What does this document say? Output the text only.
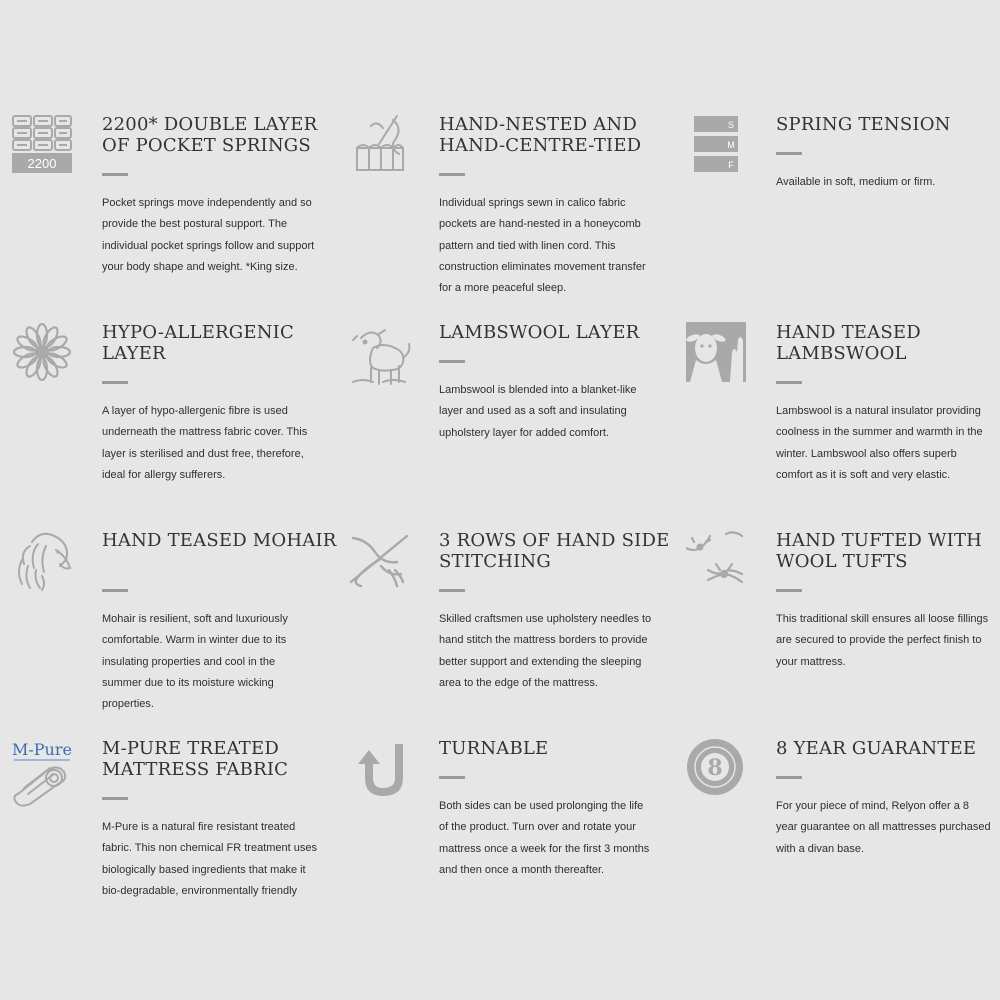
2200
2200* DOUBLE LAYER OF POCKET SPRINGS

Pocket springs move independently and so provide the best postural support. The individual pocket springs follow and support your body shape and weight. *King size.

HAND-NESTED AND HAND-CENTRE-TIED

Individual springs sewn in calico fabric pockets are hand-nested in a honeycomb pattern and tied with linen cord. This construction eliminates movement transfer for a more peaceful sleep.

S
M
F
SPRING TENSION

Available in soft, medium or firm.

HYPO-ALLERGENIC LAYER

A layer of hypo-allergenic fibre is used underneath the mattress fabric cover. This layer is sterilised and dust free, therefore, ideal for allergy sufferers.

LAMBSWOOL LAYER

Lambswool is blended into a blanket-like layer and used as a soft and insulating upholstery layer for added comfort.

HAND TEASED LAMBSWOOL

Lambswool is a natural insulator providing coolness in the summer and warmth in the winter. Lambswool also offers superb comfort as it is soft and very elastic.

HAND TEASED MOHAIR

Mohair is resilient, soft and luxuriously comfortable. Warm in winter due to its insulating properties and cool in the summer due to its moisture wicking properties.

3 ROWS OF HAND SIDE STITCHING

Skilled craftsmen use upholstery needles to hand stitch the mattress borders to provide better support and extending the sleeping area to the edge of the mattress.

HAND TUFTED WITH WOOL TUFTS

This traditional skill ensures all loose fillings are secured to provide the perfect finish to your mattress.

M-Pure M-PURE TREATED MATTRESS FABRIC

M-Pure is a natural fire resistant treated fabric. This non chemical FR treatment uses biologically based ingredients that make it bio-degradable, environmentally friendly

TURNABLE

Both sides can be used prolonging the life of the product. Turn over and rotate your mattress once a week for the first 3 months and then once a month thereafter.

8
8 YEAR GUARANTEE

For your piece of mind, Relyon offer a 8 year guarantee on all mattresses purchased with a divan base.
